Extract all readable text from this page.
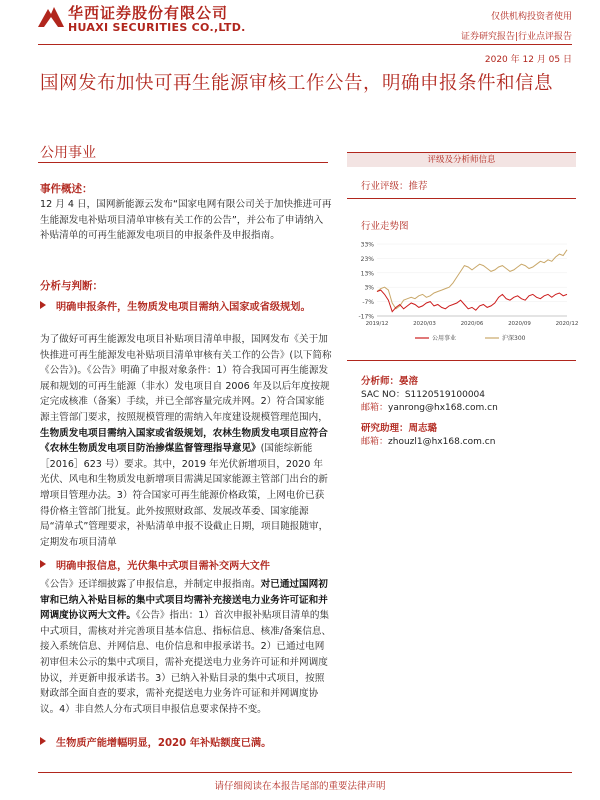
华西证券股份有限公司
HUAXI SECURITIES CO.,LTD.
仅供机构投资者使用
证券研究报告|行业点评报告
2020 年 12 月 05 日
国网发布加快可再生能源审核工作公告，明确申报条件和信息
公用事业
事件概述：
12 月 4 日，国网新能源云发布“国家电网有限公司关于加快推进可再生能源发电补贴项目清单审核有关工作的公告”，并公布了申请纳入补贴清单的可再生能源发电项目的申报条件及申报指南。
分析与判断：
明确申报条件，生物质发电项目需纳入国家或省级规划。
为了做好可再生能源发电项目补贴项目清单申报，国网发布《关于加快推进可再生能源发电补贴项目清单审核有关工作的公告》(以下简称《公告》)。《公告》明确了申报对象条件：1）符合我国可再生能源发展和规划的可再生能源（非水）发电项目自 2006 年及以后年度按规定完成核准（备案）手续，并已全部容量完成并网。2）符合国家能源主管部门要求，按照规模管理的需纳入年度建设规模管理范围内，生物质发电项目需纳入国家或省级规划，农林生物质发电项目应符合《农林生物质发电项目防治掺煤监督管理指导意见》(国能综新能［2016］623 号）要求。其中，2019 年光伏新增项目，2020 年光伏、风电和生物质发电新增项目需满足国家能源主管部门出台的新增项目管理办法。3）符合国家可再生能源价格政策，上网电价已获得价格主管部门批复。此外按照财政部、发展改革委、国家能源局“清单式”管理要求，补贴清单申报不设截止日期，项目随报随审，定期发布项目清单
明确申报信息，光伏集中式项目需补交两大文件
《公告》还详细披露了申报信息，并制定申报指南。对已通过国网初审和已纳入补贴目标的集中式项目均需补充接送电力业务许可证和并网调度协议两大文件。《公告》指出：1）首次申报补贴项目清单的集中式项目，需核对并完善项目基本信息、指标信息、核准/备案信息、接入系统信息、并网信息、电价信息和申报承诺书。2）已通过电网初审但未公示的集中式项目，需补充提送电力业务许可证和并网调度协议，并更新申报承诺书。3）已纳入补贴目录的集中式项目，按照财政部全面自查的要求，需补充提送电力业务许可证和并网调度协议。4）非自然人分布式项目申报信息要求保持不变。
生物质产能增幅明显，2020 年补贴额度已满。
评级及分析师信息
行业评级：推荐
行业走势图
33%
23%
13%
3%
-7%
-17%
2019/12	2020/03	2020/06	2020/09	2020/12
公用事业	沪深300
分析师：晏溶
SAC NO：S1120519100004
邮箱：yanrong@hx168.com.cn
研究助理：周志璐
邮箱：zhouzl1@hx168.com.cn
请仔细阅读在本报告尾部的重要法律声明
